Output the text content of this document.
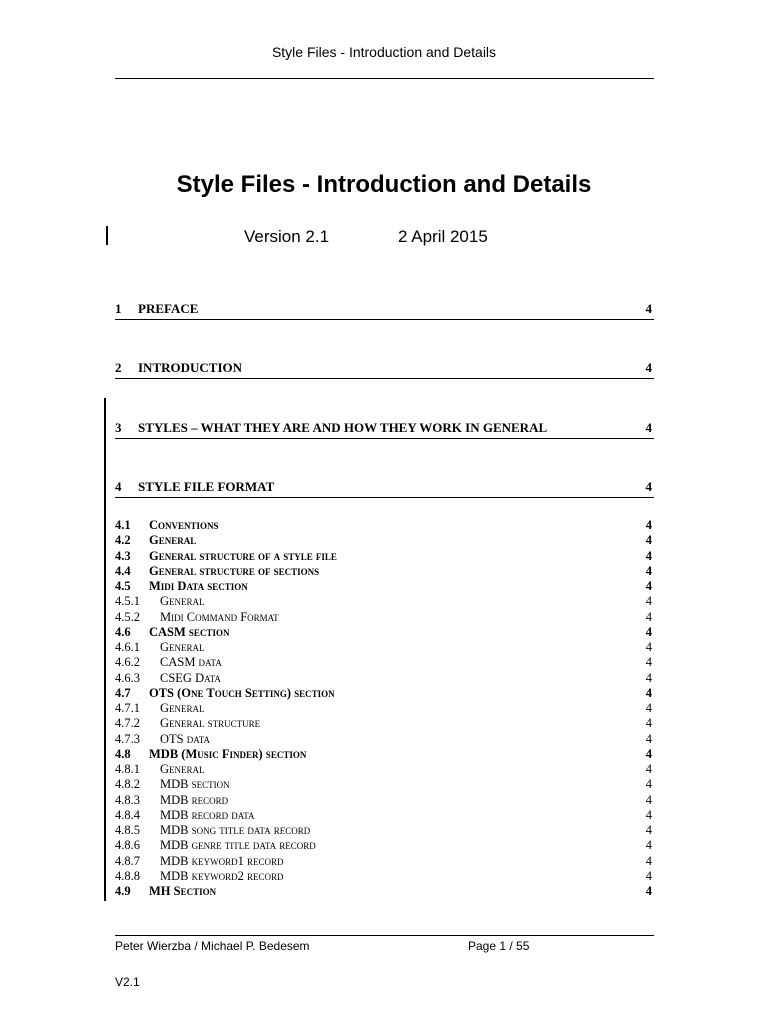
Style Files - Introduction and Details
Style Files - Introduction and Details
Version 2.1	2 April 2015
1 PREFACE	4
2 INTRODUCTION	4
3 STYLES – WHAT THEY ARE AND HOW THEY WORK IN GENERAL	4
4 STYLE FILE FORMAT	4
4.1 Conventions	4
4.2 General	4
4.3 General structure of a style file	4
4.4 General structure of sections	4
4.5 Midi Data section	4
4.5.1 General	4
4.5.2 Midi Command Format	4
4.6 CASM section	4
4.6.1 General	4
4.6.2 CASM data	4
4.6.3 CSEG Data	4
4.7 OTS (One Touch Setting) section	4
4.7.1 General	4
4.7.2 General structure	4
4.7.3 OTS data	4
4.8 MDB (Music Finder) section	4
4.8.1 General	4
4.8.2 MDB section	4
4.8.3 MDB record	4
4.8.4 MDB record data	4
4.8.5 MDB song title data record	4
4.8.6 MDB genre title data record	4
4.8.7 MDB keyword1 record	4
4.8.8 MDB keyword2 record	4
4.9 MH Section	4
Peter Wierzba / Michael P. Bedesem	Page 1 / 55
V2.1
